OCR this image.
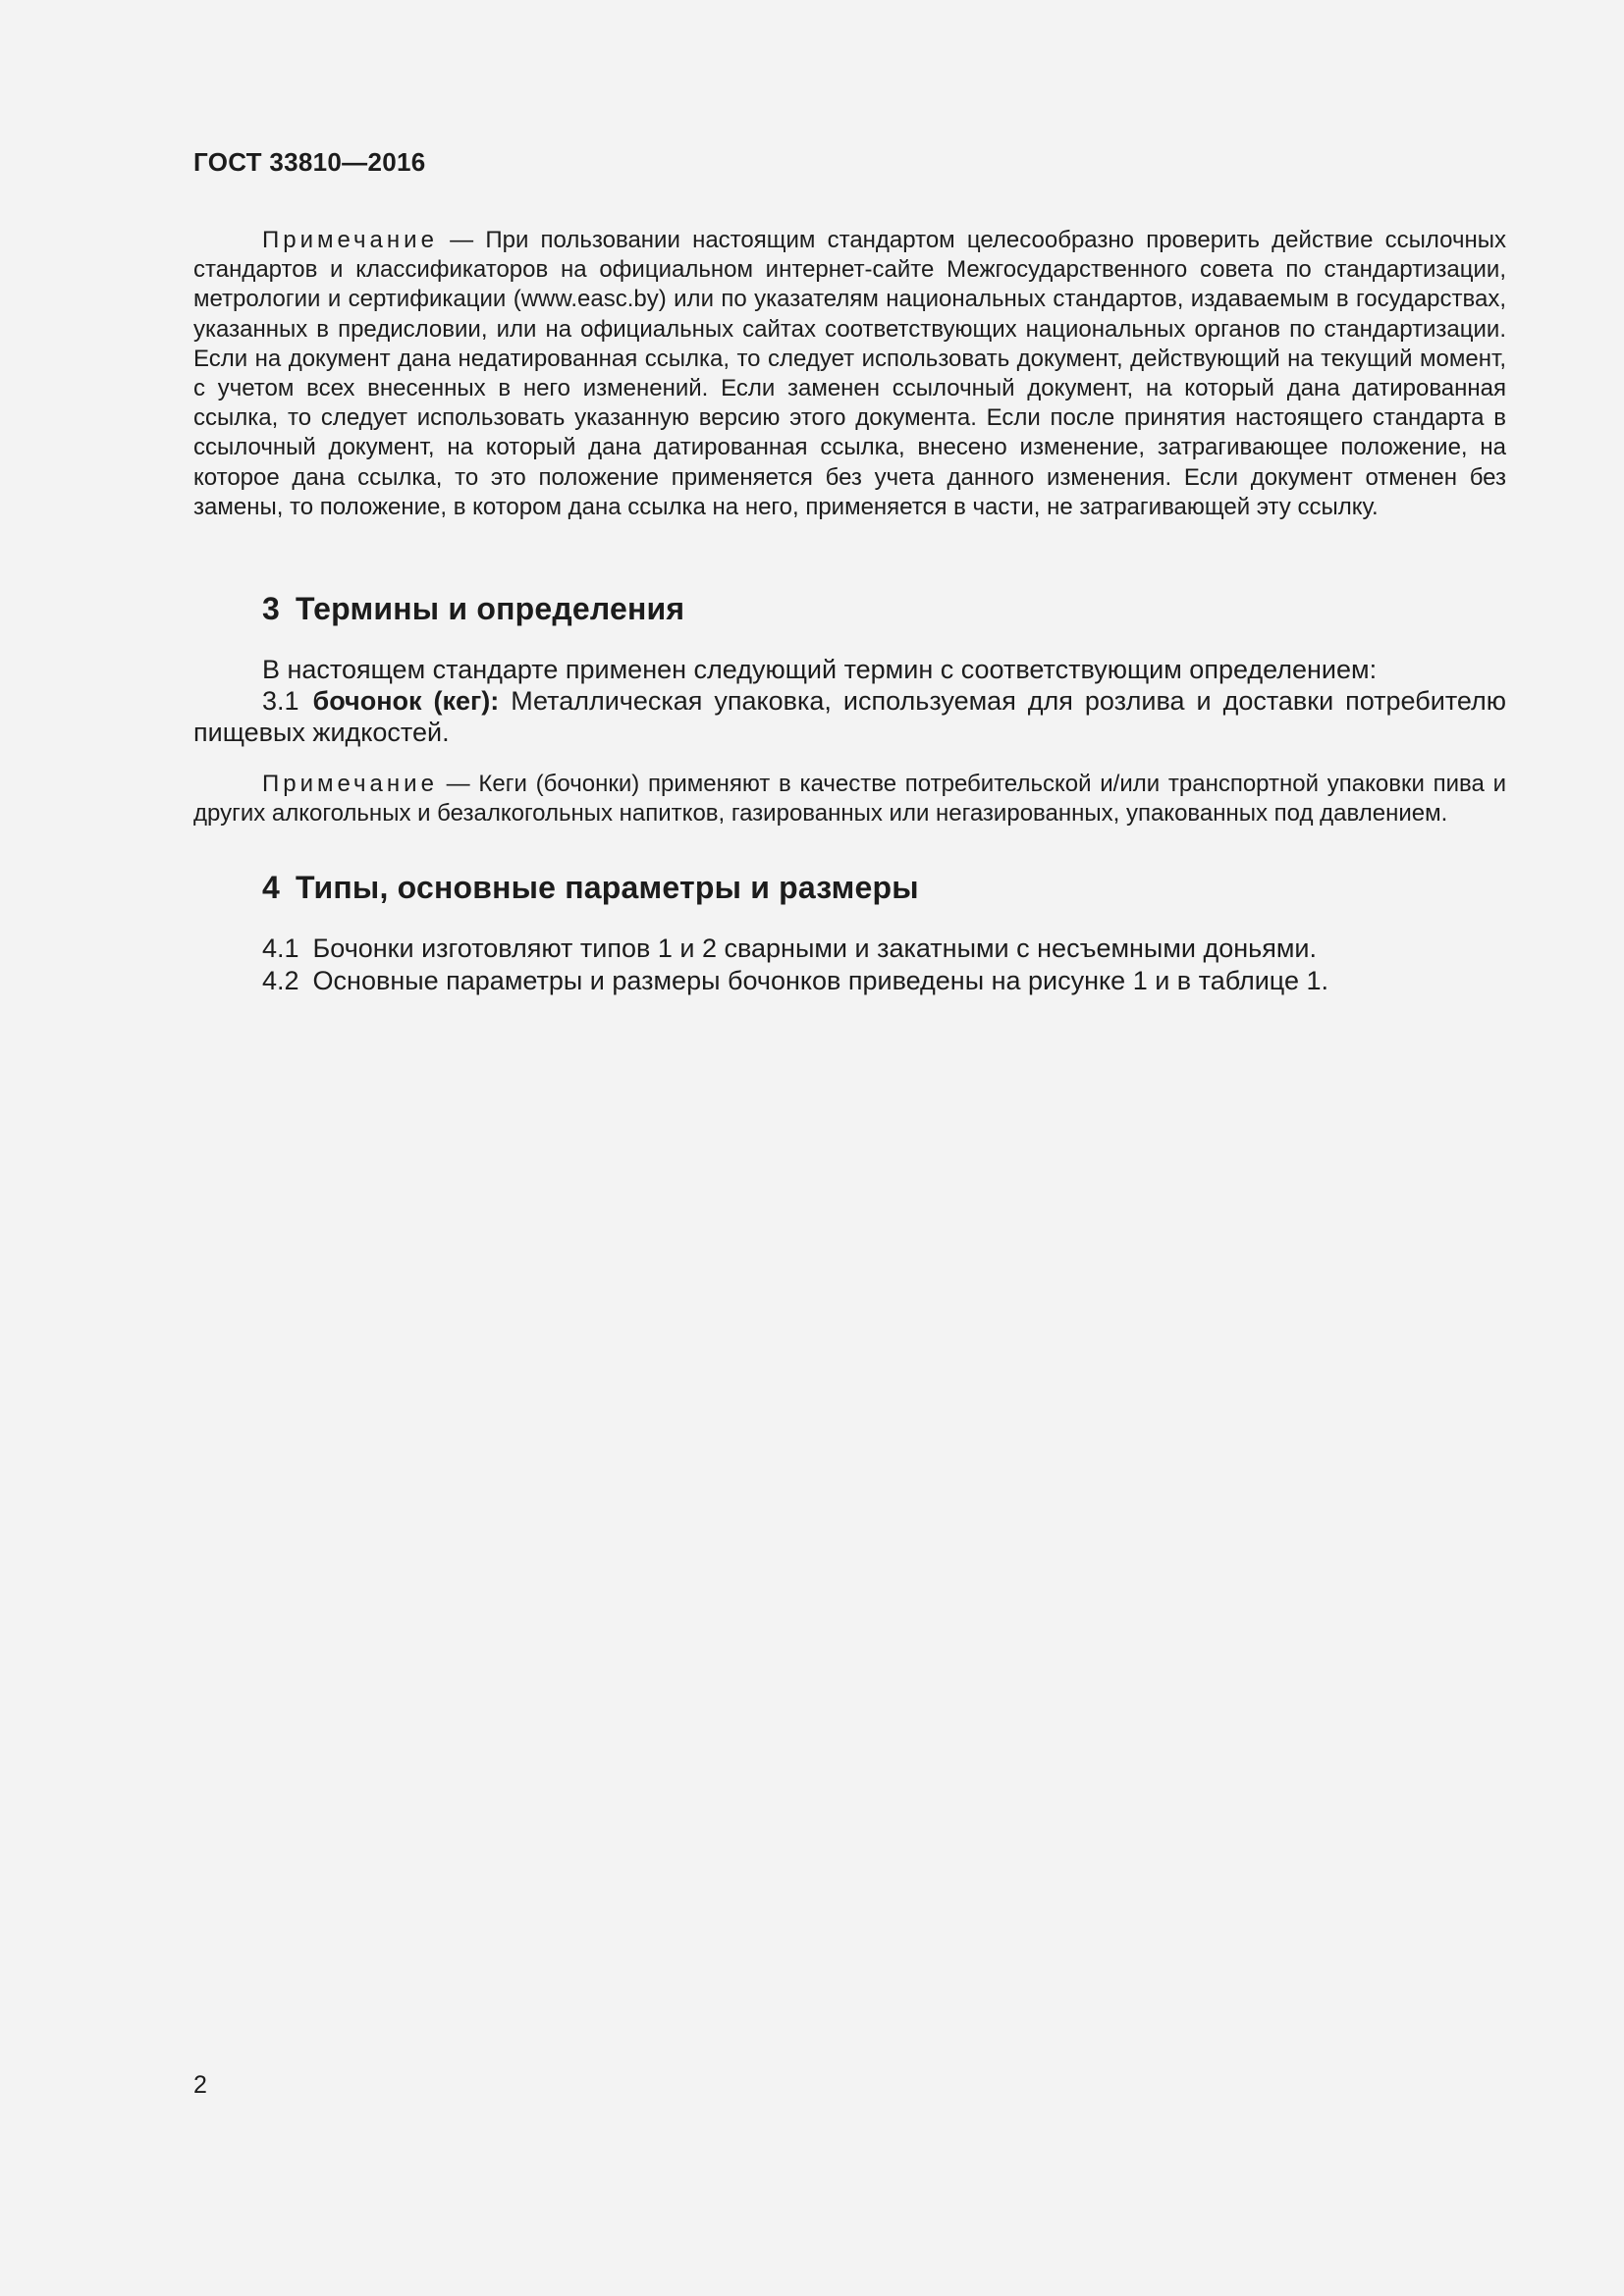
ГОСТ 33810—2016

Примечание — При пользовании настоящим стандартом целесообразно проверить действие ссылочных стандартов и классификаторов на официальном интернет-сайте Межгосударственного совета по стандартизации, метрологии и сертификации (www.easc.by) или по указателям национальных стандартов, издаваемым в государствах, указанных в предисловии, или на официальных сайтах соответствующих национальных органов по стандартизации. Если на документ дана недатированная ссылка, то следует использовать документ, действующий на текущий момент, с учетом всех внесенных в него изменений. Если заменен ссылочный документ, на который дана датированная ссылка, то следует использовать указанную версию этого документа. Если после принятия настоящего стандарта в ссылочный документ, на который дана датированная ссылка, внесено изменение, затрагивающее положение, на которое дана ссылка, то это положение применяется без учета данного изменения. Если документ отменен без замены, то положение, в котором дана ссылка на него, применяется в части, не затрагивающей эту ссылку.

3 Термины и определения

В настоящем стандарте применен следующий термин с соответствующим определением:

3.1 бочонок (кег): Металлическая упаковка, используемая для розлива и доставки потребителю пищевых жидкостей.

Примечание — Кеги (бочонки) применяют в качестве потребительской и/или транспортной упаковки пива и других алкогольных и безалкогольных напитков, газированных или негазированных, упакованных под давлением.

4 Типы, основные параметры и размеры

4.1 Бочонки изготовляют типов 1 и 2 сварными и закатными с несъемными доньями.

4.2 Основные параметры и размеры бочонков приведены на рисунке 1 и в таблице 1.

2
